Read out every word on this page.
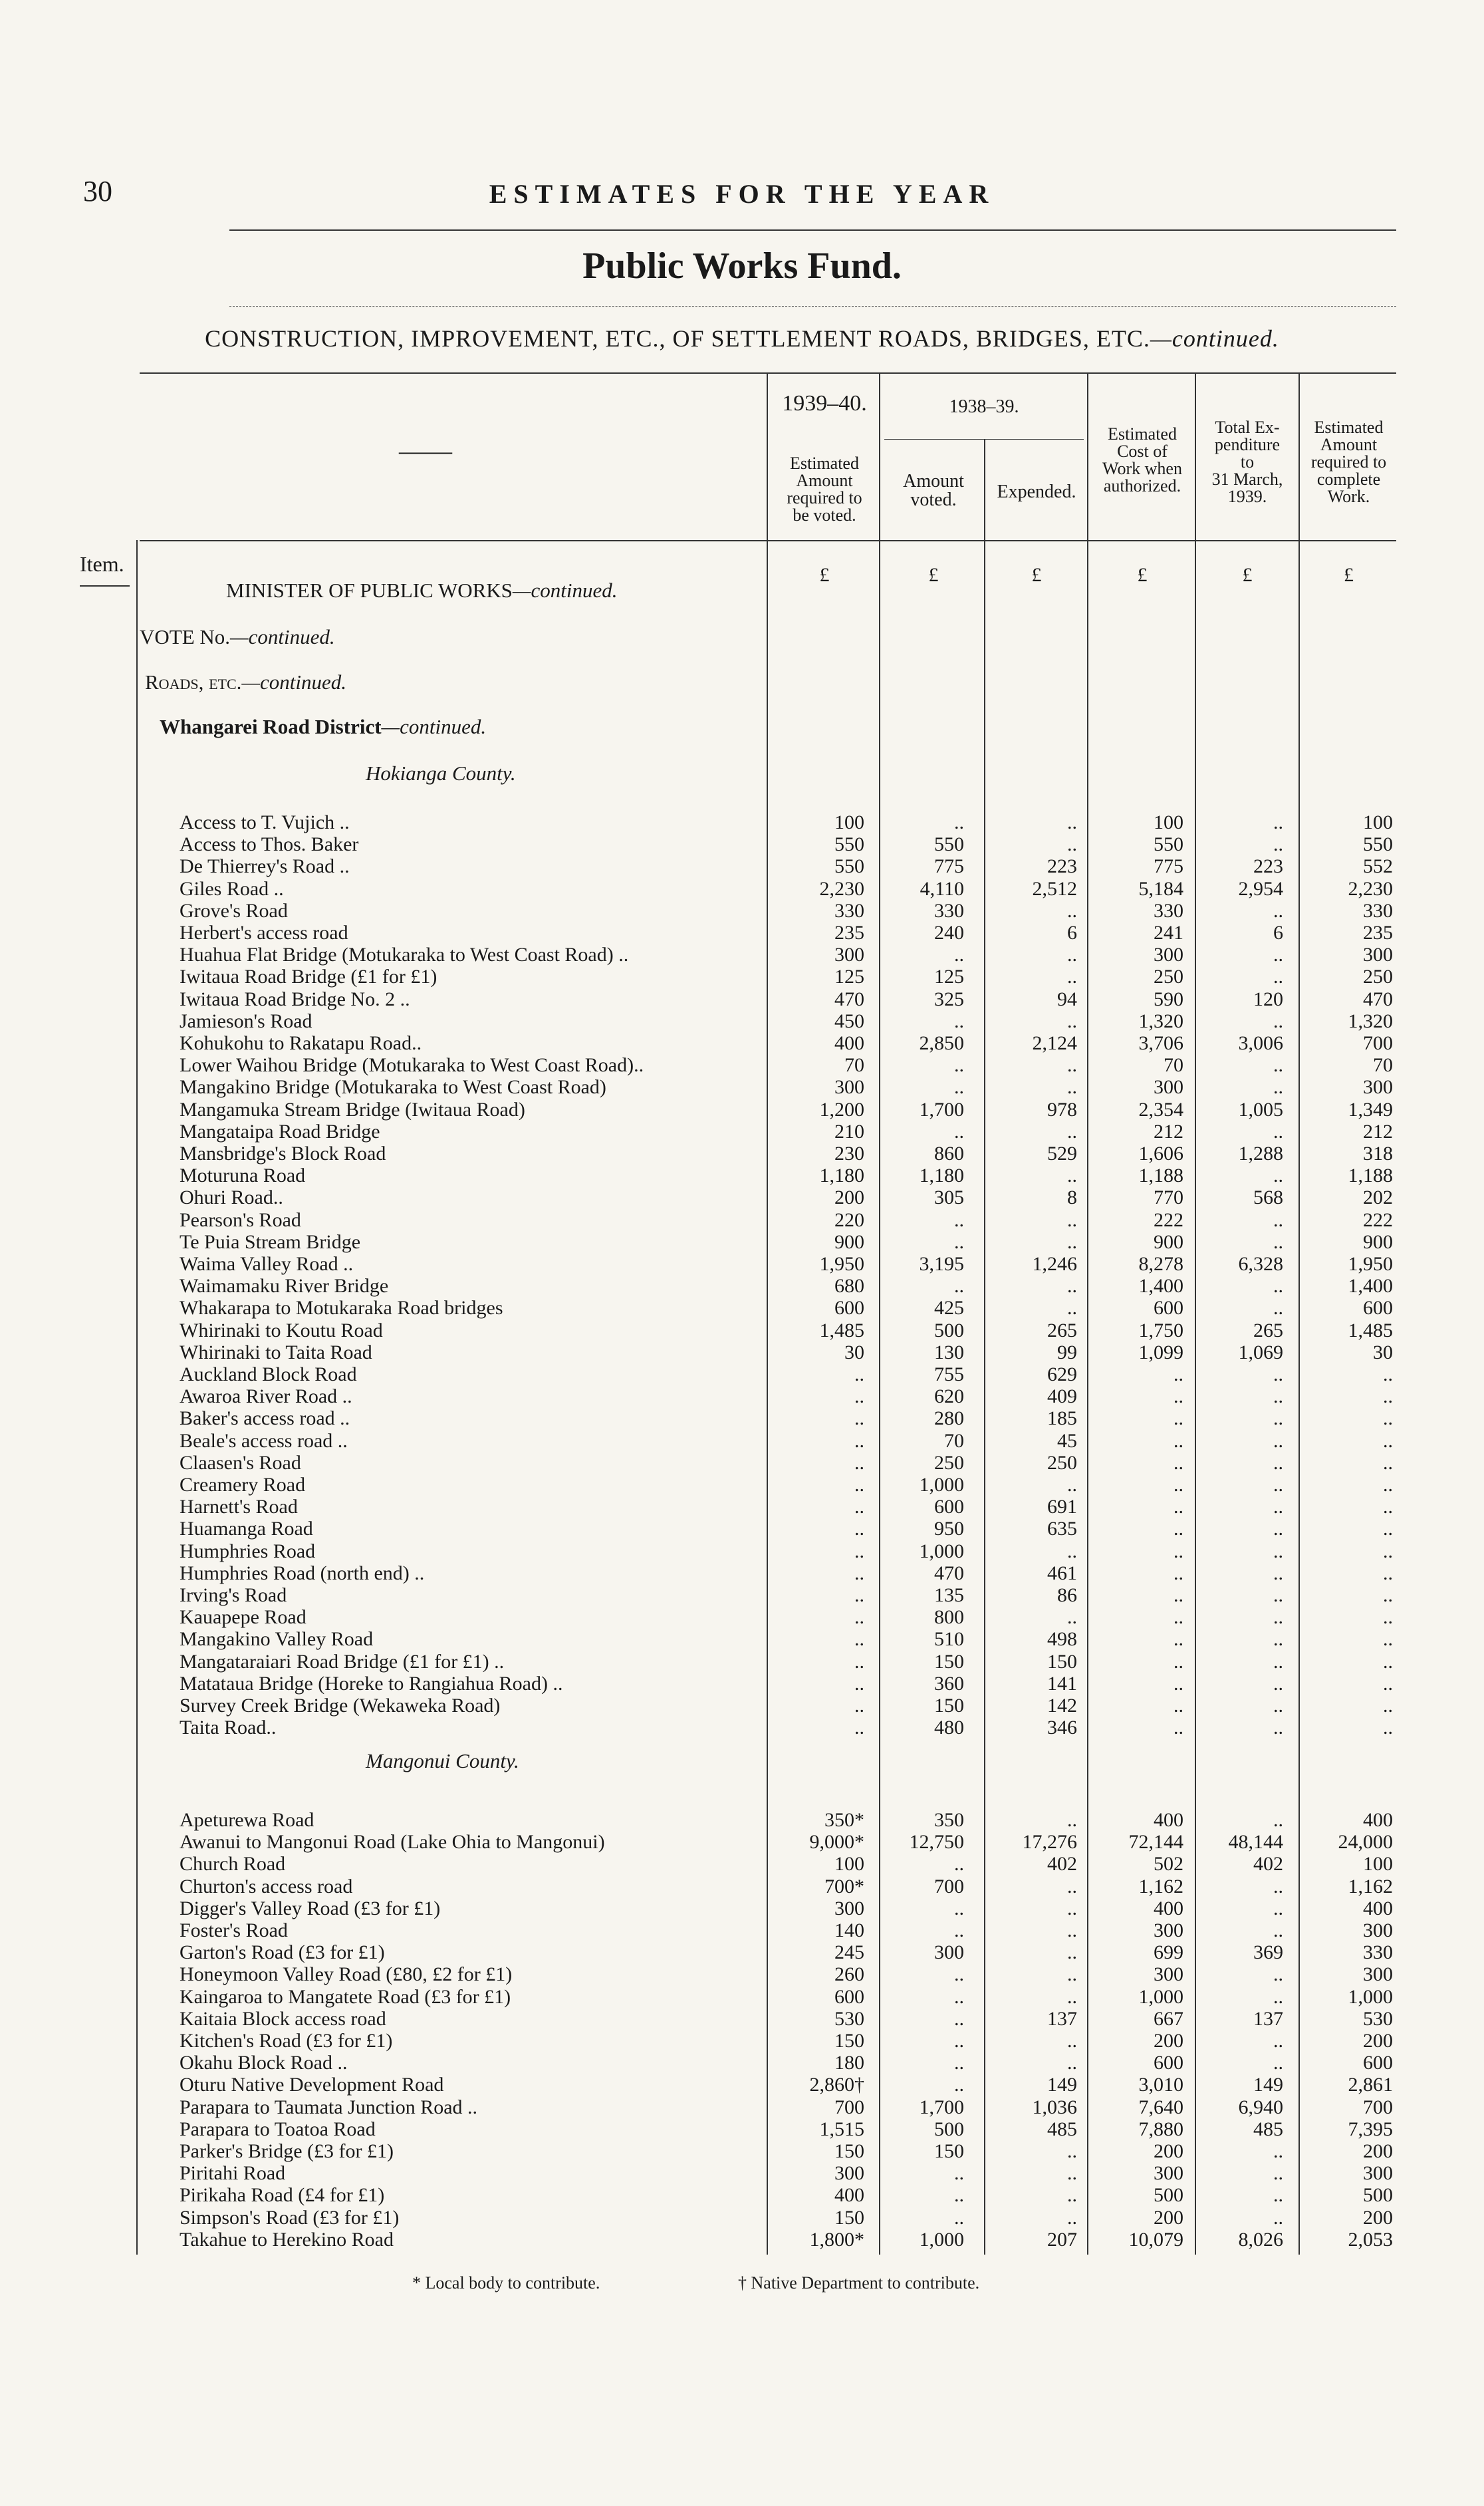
30	ESTIMATES FOR THE YEAR
Public Works Fund.
CONSTRUCTION, IMPROVEMENT, ETC., OF SETTLEMENT ROADS, BRIDGES, ETC.—continued.
——
1939–40.
Estimated
Amount
required to
be voted.
1938–39.
Amount
voted.	Expended.
Estimated
Cost of
Work when
authorized.
Total Ex-
penditure
to
31 March,
1939.
Estimated
Amount
required to
complete
Work.
£	£	£	£	£	£
Item.
MINISTER OF PUBLIC WORKS—continued.
VOTE No.—continued.
Roads, etc.—continued.
Whangarei Road District—continued.
Hokianga County.
Mangonui County.
Access to T. Vujich ..	100	..	..	100	..	100
Access to Thos. Baker	550	550	..	550	..	550
De Thierrey's Road ..	550	775	223	775	223	552
Giles Road ..	2,230	4,110	2,512	5,184	2,954	2,230
Grove's Road	330	330	..	330	..	330
Herbert's access road	235	240	6	241	6	235
Huahua Flat Bridge (Motukaraka to West Coast Road) ..	300	..	..	300	..	300
Iwitaua Road Bridge (£1 for £1)	125	125	..	250	..	250
Iwitaua Road Bridge No. 2 ..	470	325	94	590	120	470
Jamieson's Road	450	..	..	1,320	..	1,320
Kohukohu to Rakatapu Road..	400	2,850	2,124	3,706	3,006	700
Lower Waihou Bridge (Motukaraka to West Coast Road)..	70	..	..	70	..	70
Mangakino Bridge (Motukaraka to West Coast Road)	300	..	..	300	..	300
Mangamuka Stream Bridge (Iwitaua Road)	1,200	1,700	978	2,354	1,005	1,349
Mangataipa Road Bridge	210	..	..	212	..	212
Mansbridge's Block Road	230	860	529	1,606	1,288	318
Moturuna Road	1,180	1,180	..	1,188	..	1,188
Ohuri Road..	200	305	8	770	568	202
Pearson's Road	220	..	..	222	..	222
Te Puia Stream Bridge	900	..	..	900	..	900
Waima Valley Road ..	1,950	3,195	1,246	8,278	6,328	1,950
Waimamaku River Bridge	680	..	..	1,400	..	1,400
Whakarapa to Motukaraka Road bridges	600	425	..	600	..	600
Whirinaki to Koutu Road	1,485	500	265	1,750	265	1,485
Whirinaki to Taita Road	30	130	99	1,099	1,069	30
Auckland Block Road	..	755	629	..	..	..
Awaroa River Road ..	..	620	409	..	..	..
Baker's access road ..	..	280	185	..	..	..
Beale's access road ..	..	70	45	..	..	..
Claasen's Road	..	250	250	..	..	..
Creamery Road	..	1,000	..	..	..	..
Harnett's Road	..	600	691	..	..	..
Huamanga Road	..	950	635	..	..	..
Humphries Road	..	1,000	..	..	..	..
Humphries Road (north end) ..	..	470	461	..	..	..
Irving's Road	..	135	86	..	..	..
Kauapepe Road	..	800	..	..	..	..
Mangakino Valley Road	..	510	498	..	..	..
Mangataraiari Road Bridge (£1 for £1) ..	..	150	150	..	..	..
Matataua Bridge (Horeke to Rangiahua Road) ..	..	360	141	..	..	..
Survey Creek Bridge (Wekaweka Road)	..	150	142	..	..	..
Taita Road..	..	480	346	..	..	..
Apeturewa Road	350*	350	..	400	..	400
Awanui to Mangonui Road (Lake Ohia to Mangonui)	9,000*	12,750	17,276	72,144	48,144	24,000
Church Road	100	..	402	502	402	100
Churton's access road	700*	700	..	1,162	..	1,162
Digger's Valley Road (£3 for £1)	300	..	..	400	..	400
Foster's Road	140	..	..	300	..	300
Garton's Road (£3 for £1)	245	300	..	699	369	330
Honeymoon Valley Road (£80, £2 for £1)	260	..	..	300	..	300
Kaingaroa to Mangatete Road (£3 for £1)	600	..	..	1,000	..	1,000
Kaitaia Block access road	530	..	137	667	137	530
Kitchen's Road (£3 for £1)	150	..	..	200	..	200
Okahu Block Road ..	180	..	..	600	..	600
Oturu Native Development Road	2,860†	..	149	3,010	149	2,861
Parapara to Taumata Junction Road ..	700	1,700	1,036	7,640	6,940	700
Parapara to Toatoa Road	1,515	500	485	7,880	485	7,395
Parker's Bridge (£3 for £1)	150	150	..	200	..	200
Piritahi Road	300	..	..	300	..	300
Pirikaha Road (£4 for £1)	400	..	..	500	..	500
Simpson's Road (£3 for £1)	150	..	..	200	..	200
Takahue to Herekino Road	1,800*	1,000	207	10,079	8,026	2,053
* Local body to contribute.	† Native Department to contribute.
